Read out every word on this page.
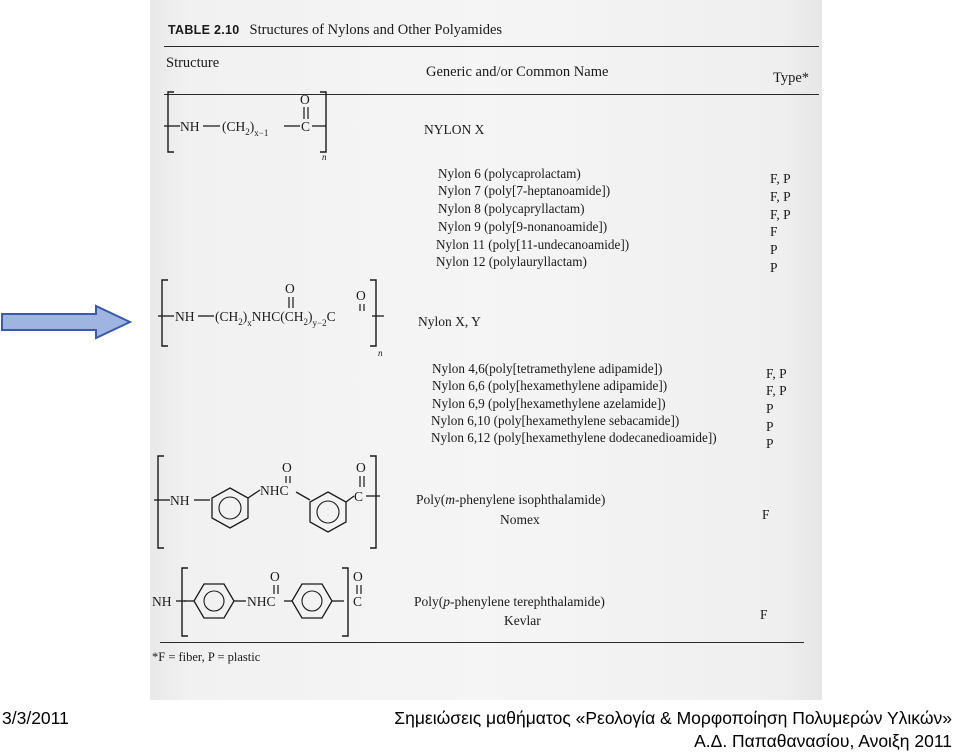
TABLE 2.10 Structures of Nylons and Other Polyamides
Structure
Generic and/or Common Name	Type*
NH $(CH_2)_{x-1}$ C
O
n
NYLON X
Nylon 6 (polycaprolactam)	F, P
Nylon 7 (poly[7-heptanoamide])	F, P
Nylon 8 (polycapryllactam)	F, P
Nylon 9 (poly[9-nonanoamide])	F
Nylon 11 (poly[11-undecanoamide])	P
Nylon 12 (polylauryllactam)	P
NH $(CH_2)_xNHC(CH_2)_{y-2}C$
O	O
n
Nylon X, Y
Nylon 4,6(poly[tetramethylene adipamide])	F, P
Nylon 6,6 (poly[hexamethylene adipamide])	F, P
Nylon 6,9 (poly[hexamethylene azelamide])	P
Nylon 6,10 (poly[hexamethylene sebacamide])	P
Nylon 6,12 (poly[hexamethylene dodecanedioamide])	P
NH
NHC
O
C
O
Poly(m-phenylene isophthalamide)
Nomex	F
NH	NHC
O
C
O
Poly(p-phenylene terephthalamide)
Kevlar	F
*F = fiber, P = plastic
3/3/2011	Σημειώσεις μαθήματος «Ρεολογία & Μορφοποίηση Πολυμερών Υλικών»
Α.Δ. Παπαθανασίου, Ανοιξη 2011
